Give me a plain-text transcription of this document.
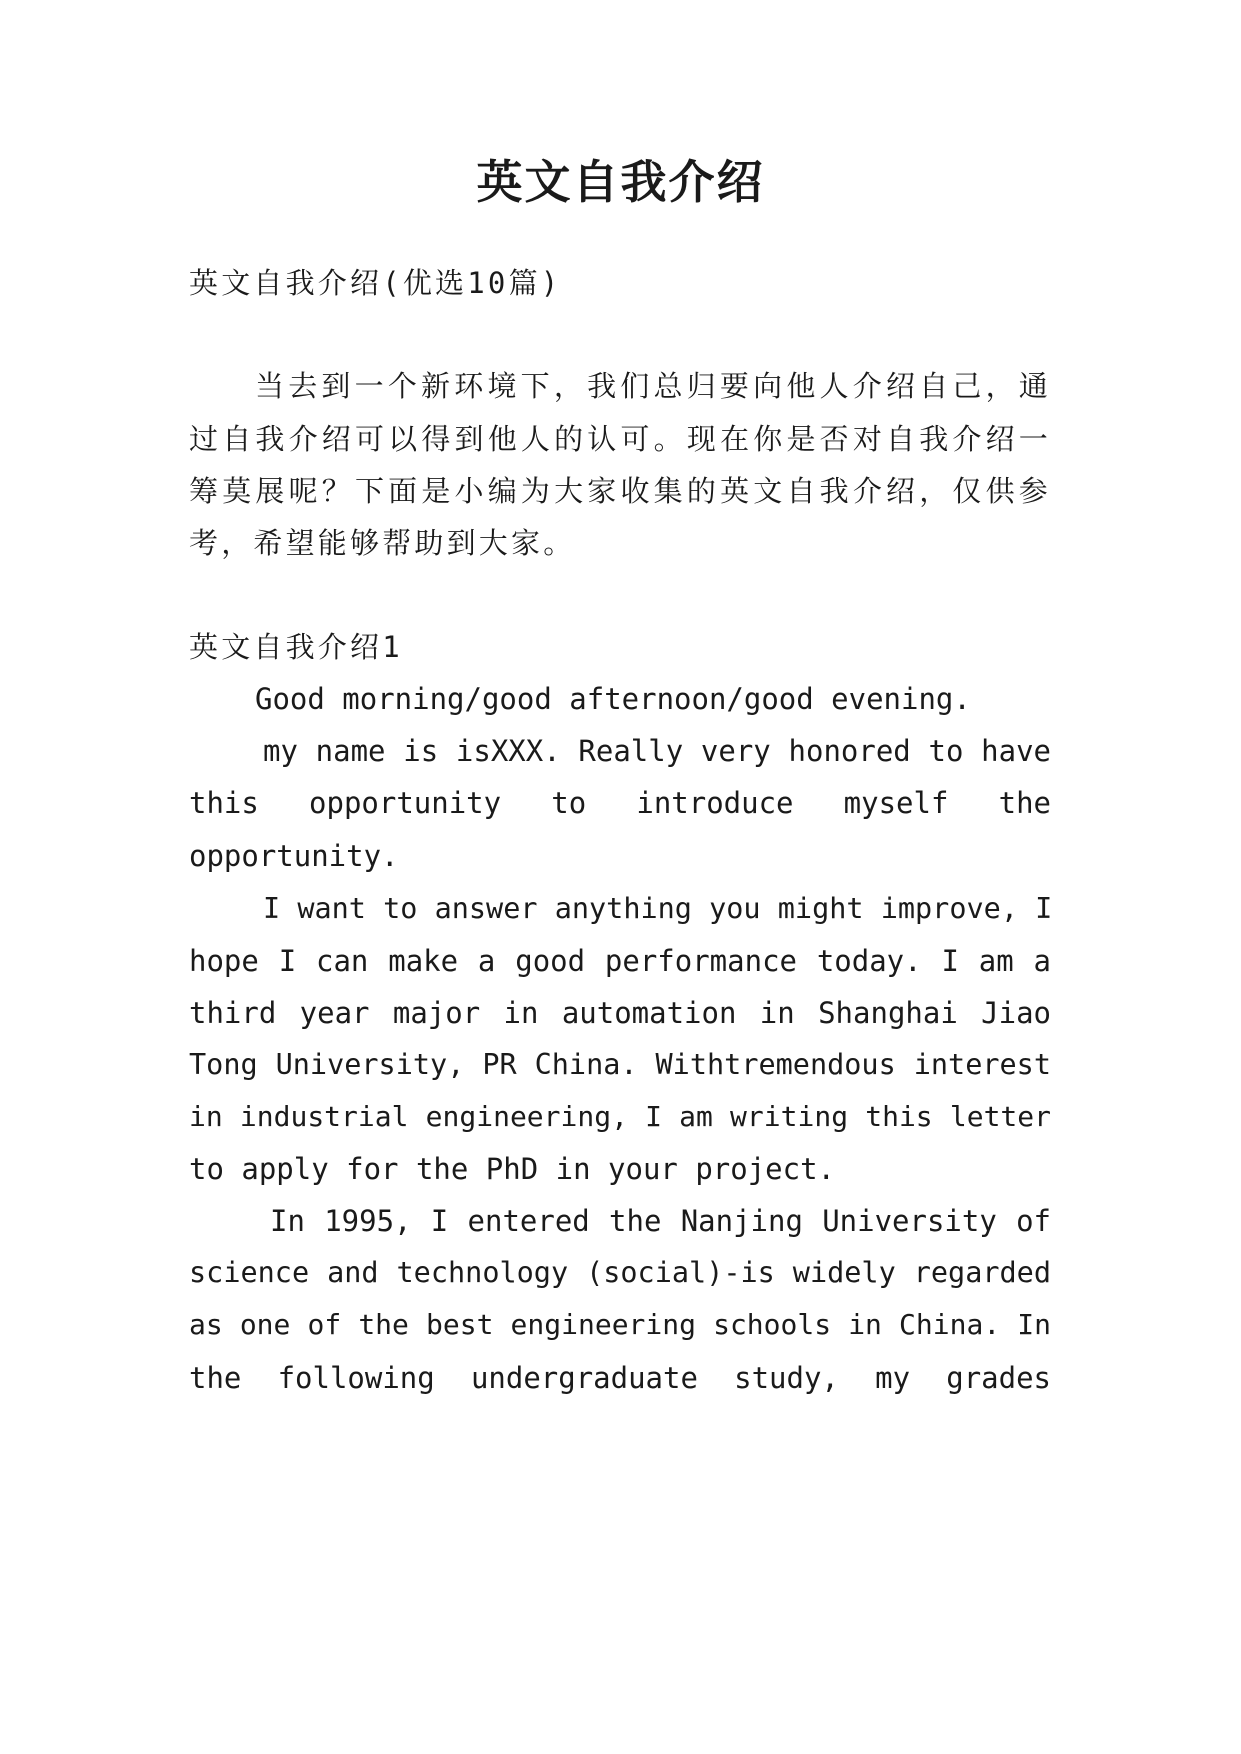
英文自我介绍
英文自我介绍(优选10篇)
当去到一个新环境下，我们总归要向他人介绍自己，通
过自我介绍可以得到他人的认可。现在你是否对自我介绍一
筹莫展呢？下面是小编为大家收集的英文自我介绍，仅供参
考，希望能够帮助到大家。
英文自我介绍1
Good morning/good afternoon/good evening.
my name is isXXX. Really very honored to have
this opportunity to introduce myself the
opportunity.
I want to answer anything you might improve, I
hope I can make a good performance today. I am a
third year major in automation in Shanghai Jiao
Tong University, PR China. Withtremendous interest
in industrial engineering, I am writing this letter
to apply for the PhD in your project.
In 1995, I entered the Nanjing University of
science and technology (social)-is widely regarded
as one of the best engineering schools in China. In
the following undergraduate study, my grades
